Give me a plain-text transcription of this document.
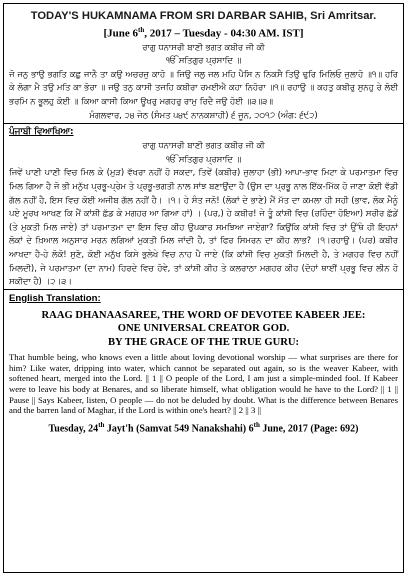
TODAY'S HUKAMNAMA FROM SRI DARBAR SAHIB, Sri Amritsar.
[June 6th, 2017 – Tuesday - 04:30 AM. IST]
ਰਾਗੁ ਧਨਾਸਰੀ ਬਾਣੀ ਭਗਤ ਕਬੀਰ ਜੀ ਕੀ
ੴ ਸਤਿਗੁਰ ਪ੍ਰਸਾਦਿ ॥
ਜੋ ਜਨੁ ਭਾਉ ਭਗਤਿ ਕਛੁ ਜਾਨੈ ਤਾ ਕਉ ਅਚਰਜੁ ਕਾਹੋ ॥ ਜਿਉ ਜਲੁ ਜਲ ਮਹਿ ਪੈਸਿ ਨ ਨਿਕਸੈ ਤਿਉ ਢੁਰਿ ਮਿਲਿਓ ਜੁਲਾਹੋ ॥੧॥ ਹਰਿ ਕੇ ਲੋਗਾ ਮੈ ਤਉ ਮਤਿ ਕਾ ਭੋਰਾ ॥ ਜਉ ਤਨੁ ਕਾਸੀ ਤਜਹਿ ਕਬੀਰਾ ਰਮਈਐ ਕਹਾ ਨਿਹੋਰਾ ॥੧॥ ਰਹਾਉ ॥ ਕਹਤੁ ਕਬੀਰੁ ਸੁਨਹੁ ਰੇ ਲੋਈ ਭਰਮਿ ਨ ਭੂਲਹੁ ਕੋਈ ॥ ਕਿਆ ਕਾਸੀ ਕਿਆ ਊਖਰੁ ਮਗਹਰੁ ਰਾਮੁ ਰਿਦੈ ਜਉ ਹੋਈ ॥੩॥੩॥
ਮੰਗਲਵਾਰ, ੨੪ ਜੇਠ (ਸੰਮਤ ੫੪੯ ਨਾਨਕਸ਼ਾਹੀ) ੬ ਜੂਨ, ੨੦੧੭ (ਅੰਗ: ੬੯੨)
ਪੰਜਾਬੀ ਵਿਆਖਿਆ:
ਰਾਗੁ ਧਨਾਸਰੀ ਬਾਣੀ ਭਗਤ ਕਬੀਰ ਜੀ ਕੀ
ੴ ਸਤਿਗੁਰ ਪ੍ਰਸਾਦਿ ॥
ਜਿਵੇਂ ਪਾਣੀ ਪਾਣੀ ਵਿਚ ਮਿਲ ਕੇ (ਮੁੜ) ਵੱਖਰਾ ਨਹੀਂ ਹੋ ਸਕਦਾ, ਤਿਵੇਂ (ਕਬੀਰ) ਜੁਲਾਹਾ (ਭੀ) ਆਪਾ-ਭਾਵ ਮਿਟਾ ਕੇ ਪਰਮਾਤਮਾ ਵਿਚ ਮਿਲ ਗਿਆ ਹੈ ਜੋ ਭੀ ਮਨੁੱਖ ਪ੍ਰਭੂ-ਪ੍ਰੇਮ ਤੇ ਪ੍ਰਭੂ-ਭਗਤੀ ਨਾਲ ਸਾਂਝ ਬਣਾਉਂਦਾ ਹੈ (ਉਸ ਦਾ ਪ੍ਰਭੂ ਨਾਲ ਇੱਕ-ਮਿੱਕ ਹੋ ਜਾਣਾ ਕੋਈ ਵੱਡੀ ਗੱਲ ਨਹੀਂ ਹੈ, ਇਸ ਵਿਚ ਕੋਈ ਅਜੀਬ ਗੱਲ ਨਹੀਂ ਹੈ। ।੧। ਹੇ ਸੰਤ ਜਨੋ! (ਲੋਕਾਂ ਦੇ ਭਾਣੇ) ਮੈਂ ਮੱਤ ਦਾ ਕਮਲਾ ਹੀ ਸਹੀ (ਭਾਵ, ਲੋਕ ਮੈਨੂੰ ਪਏ ਮੂਰਖ ਆਖਣ ਕਿ ਮੈਂ ਕਾਂਸ਼ੀ ਛੱਡ ਕੇ ਮਗਹਰ ਆ ਗਿਆ ਹਾਂ) । (ਪਰ,) ਹੇ ਕਬੀਰ! ਜੇ ਤੂੰ ਕਾਂਸ਼ੀ ਵਿਚ (ਰਹਿੰਦਾ ਹੋਇਆ) ਸਰੀਰ ਛੱਡੇਂ (ਤੇ ਮੁਕਤੀ ਮਿਲ ਜਾਏ) ਤਾਂ ਪਰਮਾਤਮਾ ਦਾ ਇਸ ਵਿਚ ਕੀਹ ਉਪਕਾਰ ਸਮਝਿਆ ਜਾਏਗਾ? ਕਿਉਂਕਿ ਕਾਂਸ਼ੀ ਵਿਚ ਤਾਂ ਉੱਥੇ ਹੀ ਇਹਨਾਂ ਲੋਕਾਂ ਦੇ ਖ਼ਿਆਲ ਅਨੁਸਾਰ ਮਰਨ ਲਗਿਆਂ ਮੁਕਤੀ ਮਿਲ ਜਾਂਦੀ ਹੈ, ਤਾਂ ਫਿਰ ਸਿਮਰਨ ਦਾ ਕੀਹ ਲਾਭ? ।੧।ਰਹਾਉ। (ਪਰ) ਕਬੀਰ ਆਖਦਾ ਹੈ-ਹੇ ਲੋਕੋ! ਸੁਣੋ, ਕੋਈ ਮਨੁੱਖ ਕਿਸੇ ਭੁਲੇਖੇ ਵਿਚ ਨਾਹ ਪੈ ਜਾਏ (ਕਿ ਕਾਂਸ਼ੀ ਵਿਚ ਮੁਕਤੀ ਮਿਲਦੀ ਹੈ, ਤੇ ਮਗਹਰ ਵਿਚ ਨਹੀਂ ਮਿਲਦੀ), ਜੇ ਪਰਮਾਤਮਾ (ਦਾ ਨਾਮ) ਹਿਰਦੇ ਵਿਚ ਹੋਵੇ, ਤਾਂ ਕਾਂਸ਼ੀ ਕੀਹ ਤੇ ਕਲਰਾਠਾ ਮਗਹਰ ਕੀਹ (ਦੋਹਾਂ ਥਾਈਂ ਪ੍ਰਭੂ ਵਿਚ ਲੀਨ ਹੋ ਸਕੀਦਾ ਹੈ) ।੨।੩।
English Translation:
RAAG DHANAASAREE, THE WORD OF DEVOTEE KABEER JEE:
ONE UNIVERSAL CREATOR GOD.
BY THE GRACE OF THE TRUE GURU:
That humble being, who knows even a little about loving devotional worship — what surprises are there for him? Like water, dripping into water, which cannot be separated out again, so is the weaver Kabeer, with softened heart, merged into the Lord. || 1 || O people of the Lord, I am just a simple-minded fool. If Kabeer were to leave his body at Benares, and so liberate himself, what obligation would he have to the Lord? || 1 || Pause || Says Kabeer, listen, O people — do not be deluded by doubt. What is the difference between Benares and the barren land of Maghar, if the Lord is within one's heart? || 2 || 3 ||
Tuesday, 24th Jayt'h (Samvat 549 Nanakshahi) 6th June, 2017 (Page: 692)
